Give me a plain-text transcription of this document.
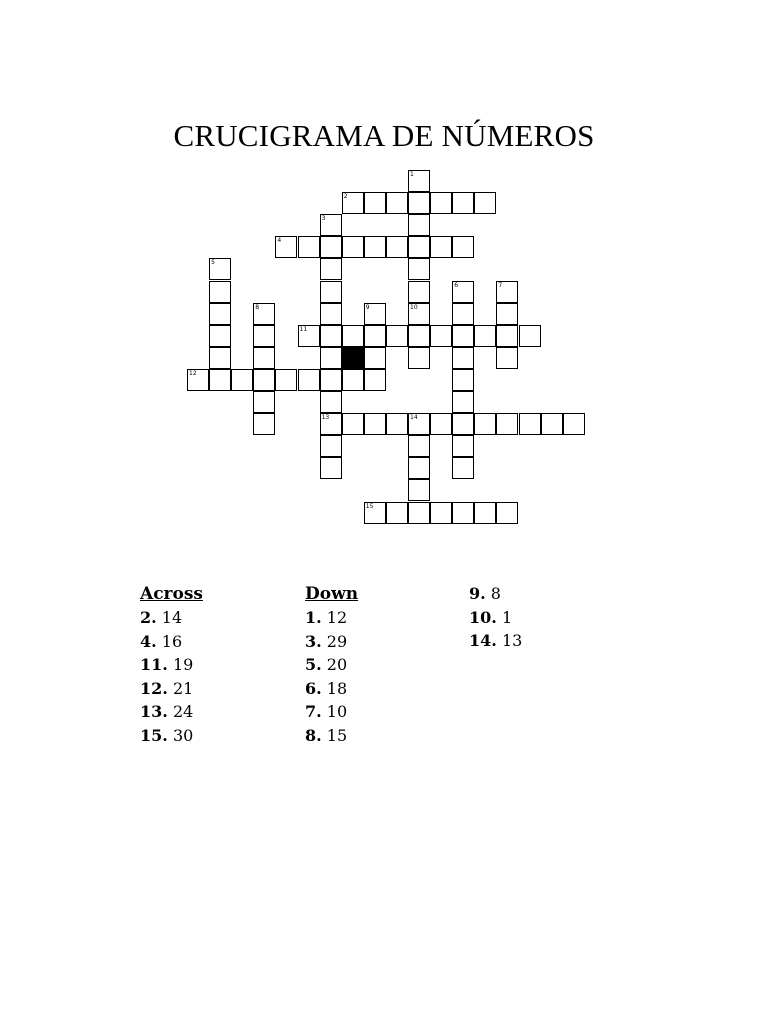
CRUCIGRAMA DE NÚMEROS
2
4
11
12
13	14
15
1
10
3
5
6	7
8	9
Across
2. 14
4. 16
11. 19
12. 21
13. 24
15. 30
Down
1. 12
3. 29
5. 20
6. 18
7. 10
8. 15
9. 8
10. 1
14. 13
